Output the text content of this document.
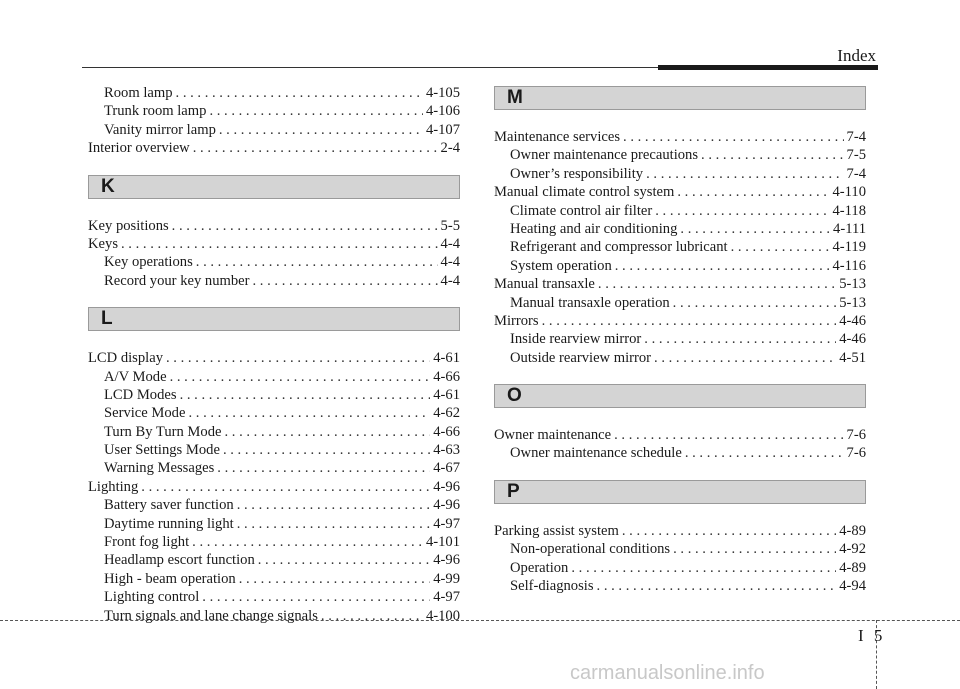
Index
Room lamp . . .	4-105
Trunk room lamp . . .	4-106
Vanity mirror lamp . . .	4-107
Interior overview . . .	2-4
K
Key positions . . .	5-5
Keys . . .	4-4
Key operations . . .	4-4
Record your key number . . .	4-4
L
LCD display . . .	4-61
A/V Mode . . .	4-66
LCD Modes . . .	4-61
Service Mode . . .	4-62
Turn By Turn Mode . . .	4-66
User Settings Mode . . .	4-63
Warning Messages . . .	4-67
Lighting . . .	4-96
Battery saver function . . .	4-96
Daytime running light . . .	4-97
Front fog light . . .	4-101
Headlamp escort function . . .	4-96
High - beam operation . . .	4-99
Lighting control . . .	4-97
Turn signals and lane change signals . . .	4-100
M
Maintenance services . . .	7-4
Owner maintenance precautions . . .	7-5
Owner’s responsibility . . .	7-4
Manual climate control system . . .	4-110
Climate control air filter . . .	4-118
Heating and air conditioning . . .	4-111
Refrigerant and compressor lubricant . . .	4-119
System operation . . .	4-116
Manual transaxle . . .	5-13
Manual transaxle operation . . .	5-13
Mirrors . . .	4-46
Inside rearview mirror . . .	4-46
Outside rearview mirror . . .	4-51
O
Owner maintenance . . .	7-6
Owner maintenance schedule . . .	7-6
P
Parking assist system . . .	4-89
Non-operational conditions . . .	4-92
Operation . . .	4-89
Self-diagnosis . . .	4-94
I 5
carmanualsonline.info
